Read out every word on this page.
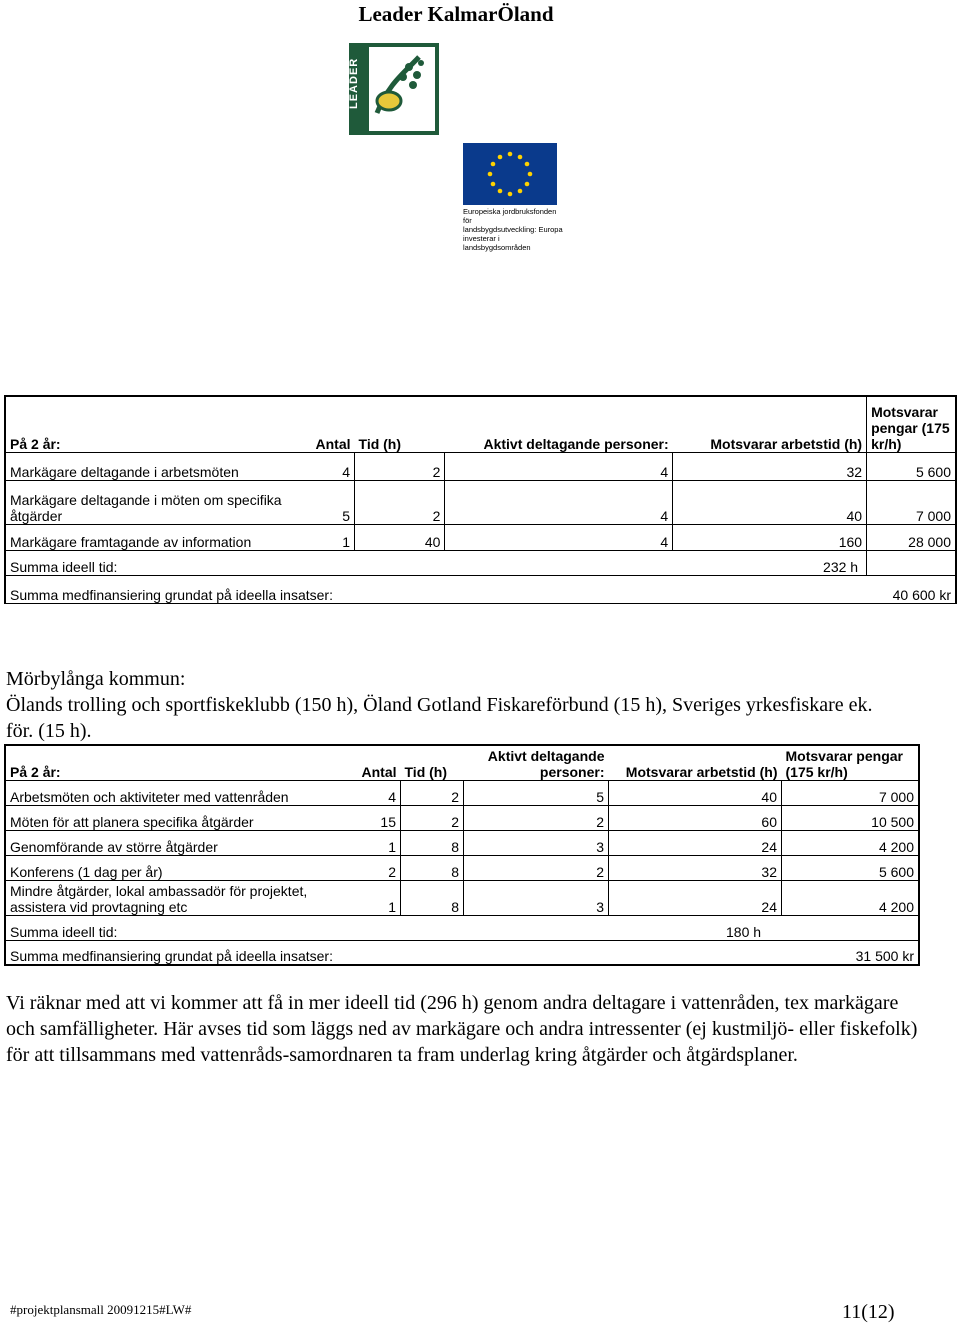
Leader KalmarÖland
Europeiska jordbruksfonden för
landsbygdsutveckling: Europa
investerar i landsbygdsområden
På 2 år:	Antal	Tid (h)	Aktivt deltagande personer:	Motsvarar arbetstid (h)	Motsvarar pengar (175 kr/h)
Markägare deltagande i arbetsmöten	4	2	4	32	5 600
Markägare deltagande i möten om specifika åtgärder	5	2	4	40	7 000
Markägare framtagande av information	1	40	4	160	28 000
Summa ideell tid: 232 h					

Summa medfinansiering grundat på ideella insatser:					40 600 kr
Mörbylånga kommun:
Ölands trolling och sportfiskeklubb (150 h), Öland Gotland Fiskareförbund (15 h), Sveriges yrkesfiskare ek. för. (15 h).
På 2 år:	Antal	Tid (h)	Aktivt deltagande personer:	Motsvarar arbetstid (h)	Motsvarar pengar (175 kr/h)
Arbetsmöten och aktiviteter med vattenråden	4	2	5	40	7 000
Möten för att planera specifika åtgärder	15	2	2	60	10 500
Genomförande av större åtgärder	1	8	3	24	4 200
Konferens (1 dag per år)	2	8	2	32	5 600
Mindre åtgärder, lokal ambassadör för projektet, assistera vid provtagning etc	1	8	3	24	4 200
Summa ideell tid: 180 h					

Summa medfinansiering grundat på ideella insatser:					31 500 kr
Vi räknar med att vi kommer att få in mer ideell tid (296 h) genom andra deltagare i vattenråden, tex markägare och samfälligheter. Här avses tid som läggs ned av markägare och andra intressenter (ej kustmiljö- eller fiskefolk) för att tillsammans med vattenråds-samordnaren ta fram underlag kring åtgärder och åtgärdsplaner.
#projektplansmall 20091215#LW#	11(12)
